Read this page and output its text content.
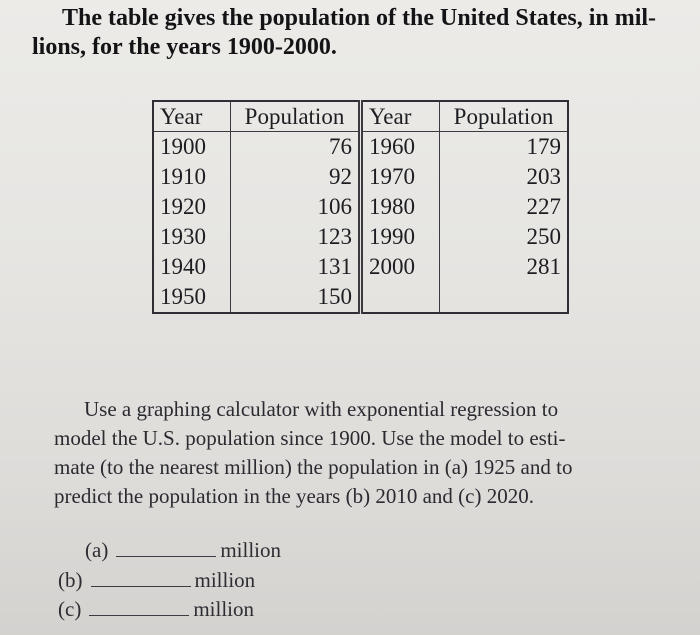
The table gives the population of the United States, in mil-
lions, for the years 1900-2000.

Year	Population	Year	Population
1900	76	1960	179
1910	92	1970	203
1920	106	1980	227
1930	123	1990	250
1940	131	2000	281
1950	150		

Use a graphing calculator with exponential regression to
model the U.S. population since 1900. Use the model to esti-
mate (to the nearest million) the population in (a) 1925 and to
predict the population in the years (b) 2010 and (c) 2020.

(a)	million
(b)	million
(c)	million
